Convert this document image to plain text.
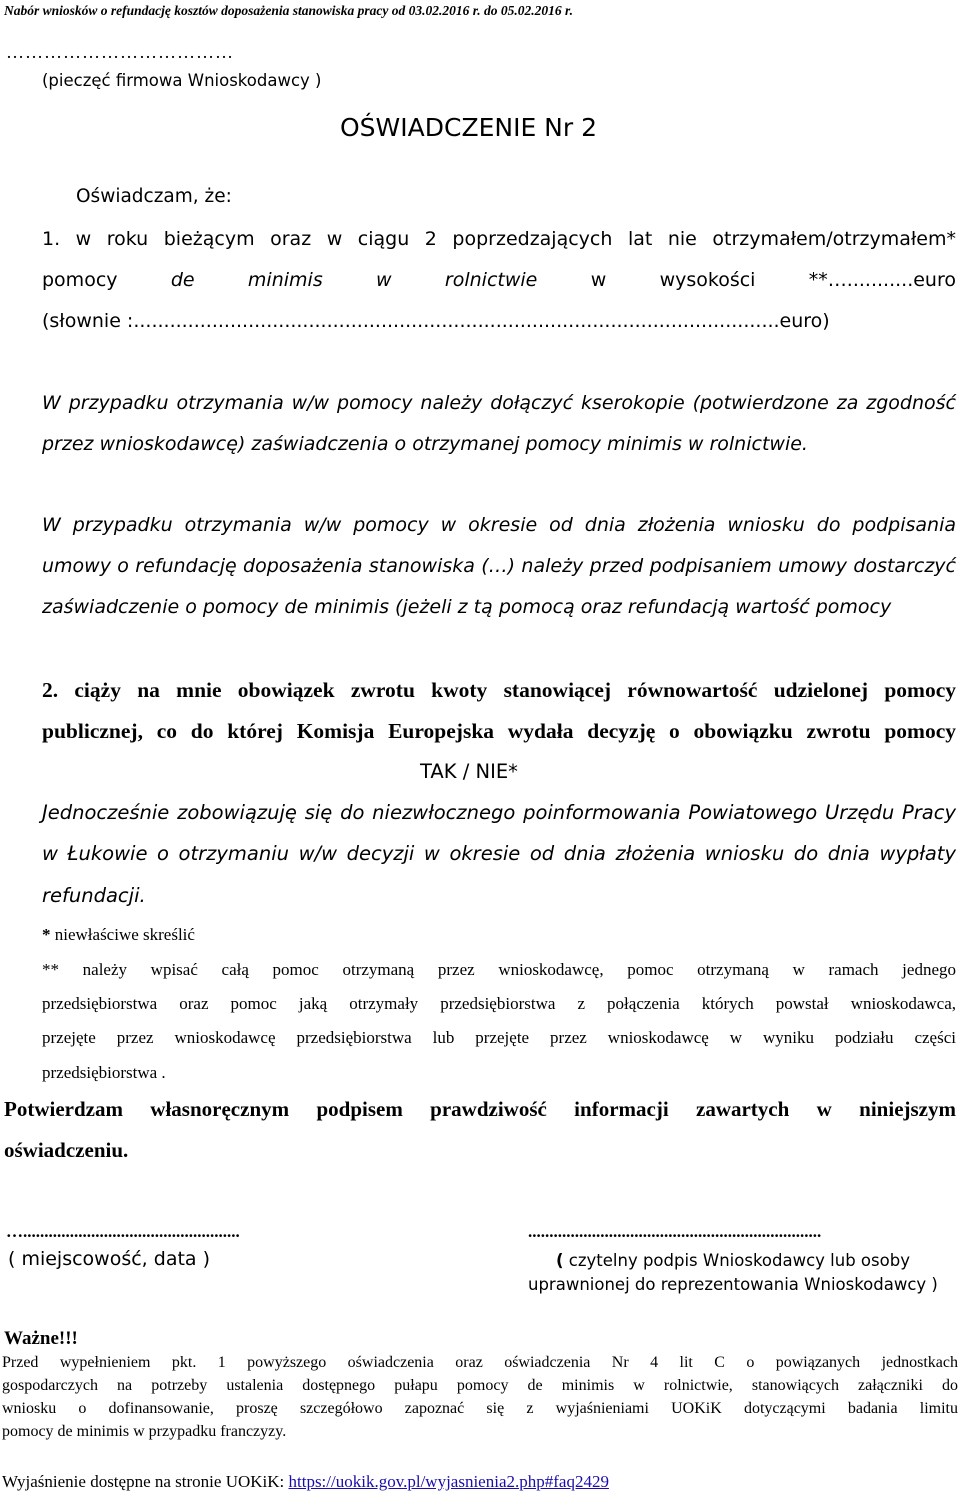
Nabór wniosków o refundację kosztów doposażenia stanowiska pracy od 03.02.2016 r. do 05.02.2016 r.
………………………………
(pieczęć firmowa Wnioskodawcy )
OŚWIADCZENIE Nr 2
Oświadczam, że:
1. w roku bieżącym oraz w ciągu 2 poprzedzających lat nie otrzymałem/otrzymałem*
pomocy	de	minimis	w	rolnictwie	w	wysokości	**…...........euro
(słownie :...........................................................................................................euro)
W przypadku otrzymania w/w pomocy należy dołączyć kserokopie (potwierdzone za zgodność
przez wnioskodawcę) zaświadczenia o otrzymanej pomocy minimis w rolnictwie.
W przypadku otrzymania w/w pomocy w okresie od dnia złożenia wniosku do podpisania
umowy o refundację doposażenia stanowiska (…) należy przed podpisaniem umowy dostarczyć
zaświadczenie o pomocy de minimis (jeżeli z tą pomocą oraz refundacją wartość pomocy
2. ciąży na mnie obowiązek zwrotu kwoty stanowiącej równowartość udzielonej pomocy
publicznej, co do której Komisja Europejska wydała decyzję o obowiązku zwrotu pomocy
TAK / NIE*
Jednocześnie zobowiązuję się do niezwłocznego poinformowania Powiatowego Urzędu Pracy
w Łukowie o otrzymaniu w/w decyzji w okresie od dnia złożenia wniosku do dnia wypłaty
refundacji.
* niewłaściwe skreślić
** należy wpisać całą pomoc otrzymaną przez wnioskodawcę, pomoc otrzymaną w ramach jednego
przedsiębiorstwa oraz pomoc jaką otrzymały przedsiębiorstwa z połączenia których powstał wnioskodawca,
przejęte przez wnioskodawcę przedsiębiorstwa lub przejęte przez wnioskodawcę w wyniku podziału części
przedsiębiorstwa .
Potwierdzam własnoręcznym podpisem prawdziwość informacji zawartych w niniejszym
oświadczeniu.
…...................................................
( miejscowość, data )
.....................................................................
( czytelny podpis Wnioskodawcy lub osoby
uprawnionej do reprezentowania Wnioskodawcy )
Ważne!!!
Przed wypełnieniem pkt. 1 powyższego oświadczenia oraz oświadczenia Nr 4 lit C o powiązanych jednostkach
gospodarczych na potrzeby ustalenia dostępnego pułapu pomocy de minimis w rolnictwie, stanowiących załączniki do
wniosku o dofinansowanie, proszę szczegółowo zapoznać się z wyjaśnieniami UOKiK dotyczącymi badania limitu
pomocy de minimis w przypadku franczyzy.
Wyjaśnienie dostępne na stronie UOKiK: https://uokik.gov.pl/wyjasnienia2.php#faq2429
